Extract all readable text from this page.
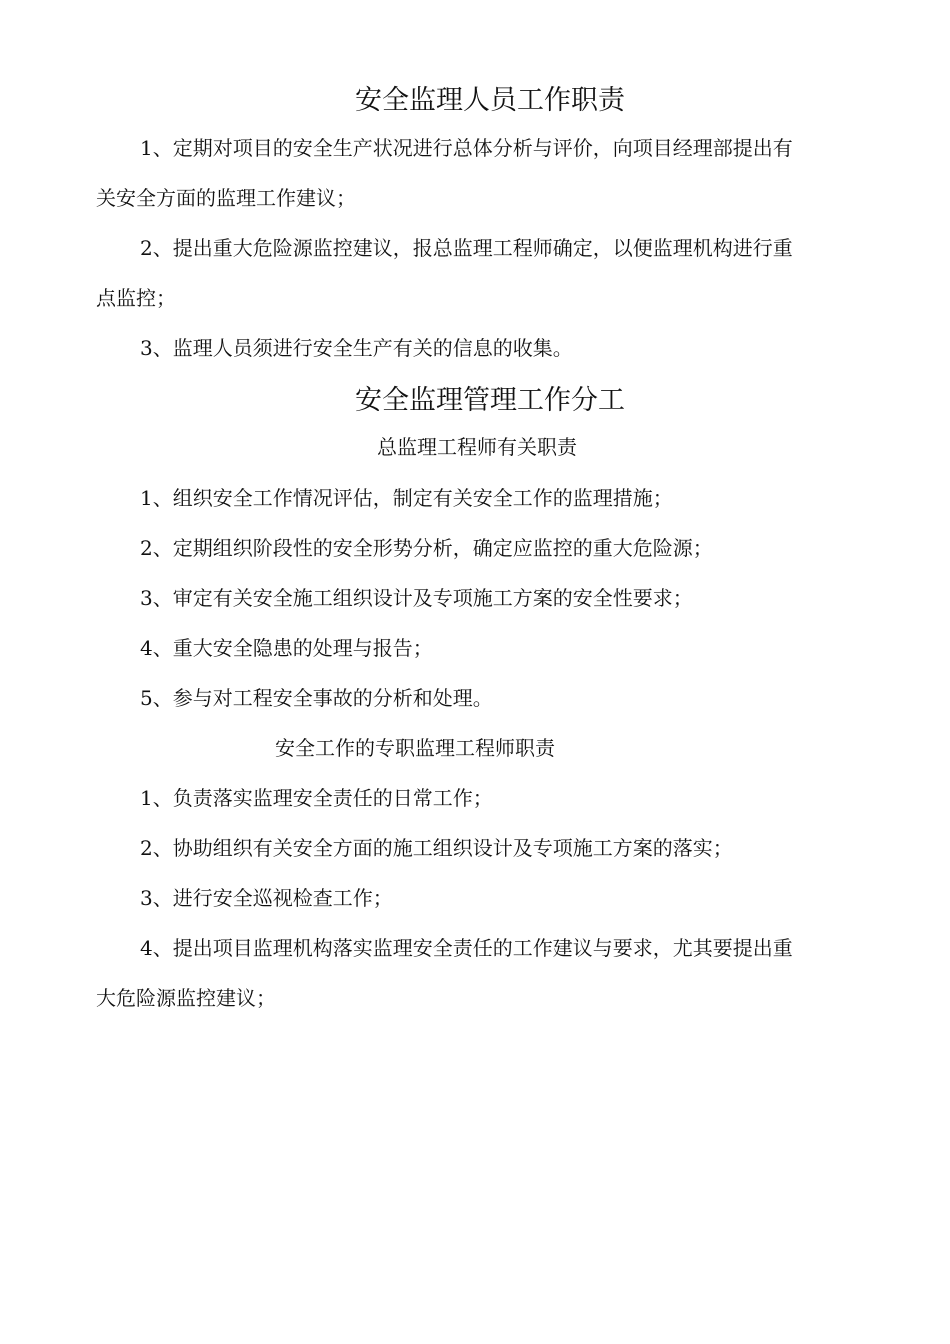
安全监理人员工作职责
1、定期对项目的安全生产状况进行总体分析与评价，向项目经理部提出有
关安全方面的监理工作建议；
2、提出重大危险源监控建议，报总监理工程师确定，以便监理机构进行重
点监控；
3、监理人员须进行安全生产有关的信息的收集。
安全监理管理工作分工
总监理工程师有关职责
1、组织安全工作情况评估，制定有关安全工作的监理措施；
2、定期组织阶段性的安全形势分析，确定应监控的重大危险源；
3、审定有关安全施工组织设计及专项施工方案的安全性要求；
4、重大安全隐患的处理与报告；
5、参与对工程安全事故的分析和处理。
安全工作的专职监理工程师职责
1、负责落实监理安全责任的日常工作；
2、协助组织有关安全方面的施工组织设计及专项施工方案的落实；
3、进行安全巡视检查工作；
4、提出项目监理机构落实监理安全责任的工作建议与要求，尤其要提出重
大危险源监控建议；
